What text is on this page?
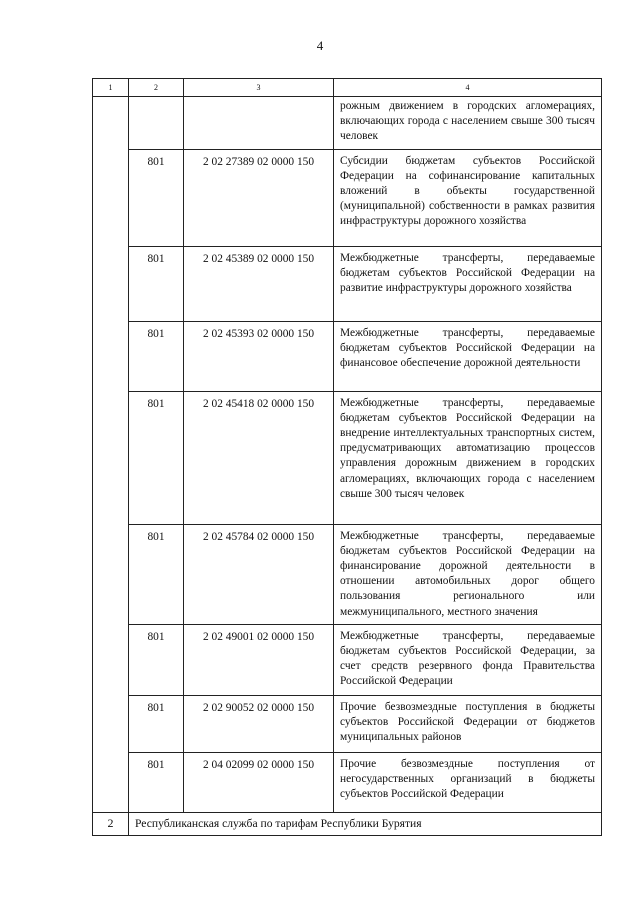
4
1	2	3	4
			рожным движением в городских агломерациях, включающих города с населением свыше 300 тысяч человек
	801	2 02 27389 02 0000 150	Субсидии бюджетам субъектов Российской Федерации на софинансирование капитальных вложений в объекты государственной (муниципальной) собственности в рамках развития инфраструктуры дорожного хозяйства
	801	2 02 45389 02 0000 150	Межбюджетные трансферты, передаваемые бюджетам субъектов Российской Федерации на развитие инфраструктуры дорожного хозяйства
	801	2 02 45393 02 0000 150	Межбюджетные трансферты, передаваемые бюджетам субъектов Российской Федерации на финансовое обеспечение дорожной деятельности
	801	2 02 45418 02 0000 150	Межбюджетные трансферты, передаваемые бюджетам субъектов Российской Федерации на внедрение интеллектуальных транспортных систем, предусматривающих автоматизацию процессов управления дорожным движением в городских агломерациях, включающих города с населением свыше 300 тысяч человек
	801	2 02 45784 02 0000 150	Межбюджетные трансферты, передаваемые бюджетам субъектов Российской Федерации на финансирование дорожной деятельности в отношении автомобильных дорог общего пользования регионального или межмуниципального, местного значения
	801	2 02 49001 02 0000 150	Межбюджетные трансферты, передаваемые бюджетам субъектов Российской Федерации, за счет средств резервного фонда Правительства Российской Федерации
	801	2 02 90052 02 0000 150	Прочие безвозмездные поступления в бюджеты субъектов Российской Федерации от бюджетов муниципальных районов
	801	2 04 02099 02 0000 150	Прочие безвозмездные поступления от негосударственных организаций в бюджеты субъектов Российской Федерации
2	Республиканская служба по тарифам Республики Бурятия		
